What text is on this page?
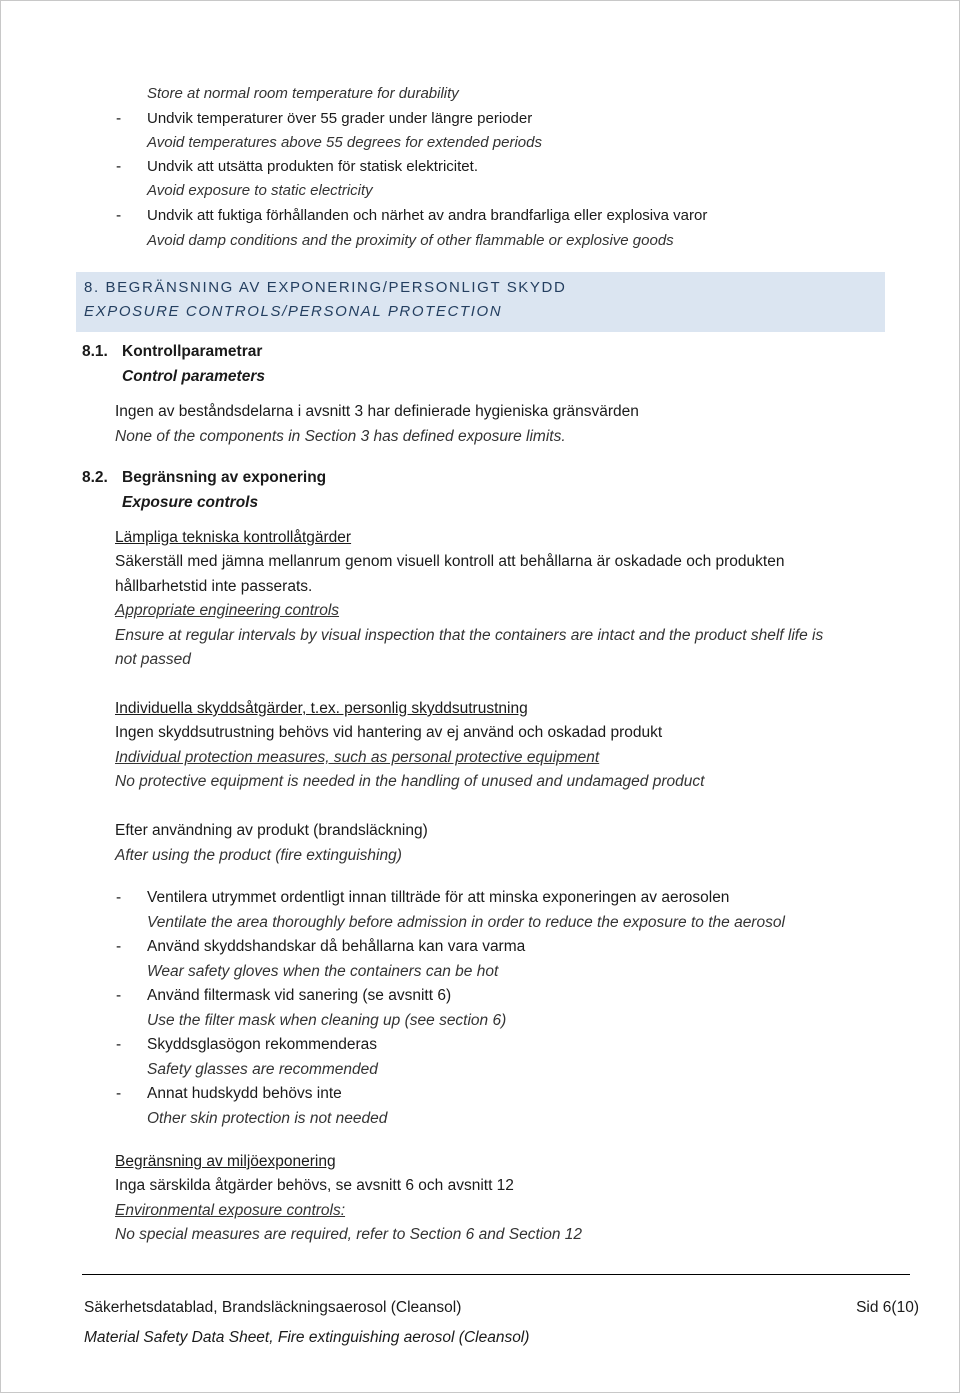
Store at normal room temperature for durability
- Undvik temperaturer över 55 grader under längre perioder
Avoid temperatures above 55 degrees for extended periods
- Undvik att utsätta produkten för statisk elektricitet.
Avoid exposure to static electricity
- Undvik att fuktiga förhållanden och närhet av andra brandfarliga eller explosiva varor
Avoid damp conditions and the proximity of other flammable or explosive goods
8. BEGRÄNSNING AV EXPONERING/PERSONLIGT SKYDD
EXPOSURE CONTROLS/PERSONAL PROTECTION
8.1. Kontrollparametrar
Control parameters
Ingen av beståndsdelarna i avsnitt 3 har definierade hygieniska gränsvärden
None of the components in Section 3 has defined exposure limits.
8.2. Begränsning av exponering
Exposure controls
Lämpliga tekniska kontrollåtgärder
Säkerställ med jämna mellanrum genom visuell kontroll att behållarna är oskadade och produkten
hållbarhetstid inte passerats.
Appropriate engineering controls
Ensure at regular intervals by visual inspection that the containers are intact and the product shelf life is
not passed
Individuella skyddsåtgärder, t.ex. personlig skyddsutrustning
Ingen skyddsutrustning behövs vid hantering av ej använd och oskadad produkt
Individual protection measures, such as personal protective equipment
No protective equipment is needed in the handling of unused and undamaged product
Efter användning av produkt (brandsläckning)
After using the product (fire extinguishing)
- Ventilera utrymmet ordentligt innan tillträde för att minska exponeringen av aerosolen
Ventilate the area thoroughly before admission in order to reduce the exposure to the aerosol
- Använd skyddshandskar då behållarna kan vara varma
Wear safety gloves when the containers can be hot
- Använd filtermask vid sanering (se avsnitt 6)
Use the filter mask when cleaning up (see section 6)
- Skyddsglasögon rekommenderas
Safety glasses are recommended
- Annat hudskydd behövs inte
Other skin protection is not needed
Begränsning av miljöexponering
Inga särskilda åtgärder behövs, se avsnitt 6 och avsnitt 12
Environmental exposure controls:
No special measures are required, refer to Section 6 and Section 12
Säkerhetsdatablad, Brandsläckningsaerosol (Cleansol)	Sid 6(10)
Material Safety Data Sheet, Fire extinguishing aerosol (Cleansol)
